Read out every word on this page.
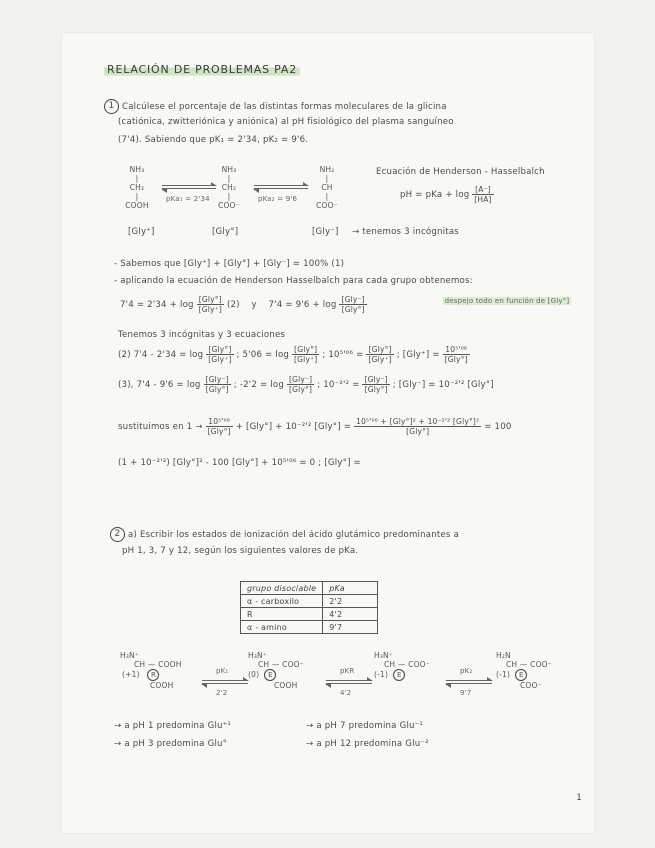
RELACIÓN DE PROBLEMAS PA2
1 Calcúlese el porcentaje de las distintas formas moleculares de la glicina
(catiónica, zwitteriónica y aniónica) al pH fisiológico del plasma sanguíneo
(7'4). Sabiendo que pK₁ = 2'34, pK₂ = 9'6.
NH₃
|
CH₂
|
COOH
pKa₁ = 2'34
NH₃
|
CH₂
|
COO⁻
pKa₂ = 9'6
NH₂
|
CH
|
COO⁻
Ecuación de Henderson - Hasselbalch
pH = pKa + $\log \frac{[A^-]}{[HA]}$
[Gly⁺]	[Gly°]	[Gly⁻] → tenemos 3 incógnitas
- Sabemos que [Gly⁺] + [Gly°] + [Gly⁻] = 100% (1)
- aplicando la ecuación de Henderson Hasselbalch para cada grupo obtenemos:
$7'4 = 2'34 + \log \frac{\text{[Gly°]}}{\text{[Gly⁺]}} (2)$ y $7'4 = 9'6 + \log \frac{\text{[Gly⁻]}}{\text{[Gly°]}}$	despejo todo en función de [Gly°]
Tenemos 3 incógnitas y 3 ecuaciones
(2) $7'4 - 2'34 = \log \frac{\text{[Gly°]}}{\text{[Gly⁺]}}$ ; $5'06 = \log \frac{\text{[Gly°]}}{\text{[Gly⁺]}}$ ; $10^5'^{06} = \frac{\text{[Gly°]}}{\text{[Gly⁺]}}$ ; $[Gly^+] = \frac{\text{10⁵'⁰⁶}}{\text{[Gly°]}}$
(3), $7'4 - 9'6 = \log \frac{\text{[Gly⁻]}}{\text{[Gly°]}}$ ; $-2'2 = \log \frac{\text{[Gly⁻]}}{\text{[Gly°]}}$ ; $10^{-2}'^2 = \frac{\text{[Gly⁻]}}{\text{[Gly°]}}$ ; [Gly⁻] = 10⁻²'² [Gly°]
sustituimos en $1 \to \frac{\text{10⁵'⁰⁶}}{\text{[Gly°]}} + [Gly^\circ] + 10^{-2}'^2$ $[Gly^\circ] = \frac{\text{10⁵'⁰⁶ + [Gly°]² + 10⁻²'² [Gly°]²}}{\text{[Gly°]}} = 100$
(1 + 10⁻²'²) [Gly°]² - 100 [Gly°] + 10⁵'⁰⁶ = 0 ; [Gly°] =
2 a) Escribir los estados de ionización del ácido glutámico predominantes a
pH 1, 3, 7 y 12, según los siguientes valores de pKa.
grupo disociable	pKa
α - carboxilo	2'2
R	4'2
α - amino	9'7
H₃N⁺
CH — COOH
(+1) R
COOH
pK₁
2'2
H₃N⁺
CH — COO⁻
(0) E
COOH
pKR
4'2
H₃N⁺
CH — COO⁻
(-1) E	pK₂
9'7
H₂N
CH — COO⁻
(-1) E
COO⁻
→ a pH 1 predomina Glu⁺¹
→ a pH 3 predomina Glu°
→ a pH 7 predomina Glu⁻¹
→ a pH 12 predomina Glu⁻²
1
